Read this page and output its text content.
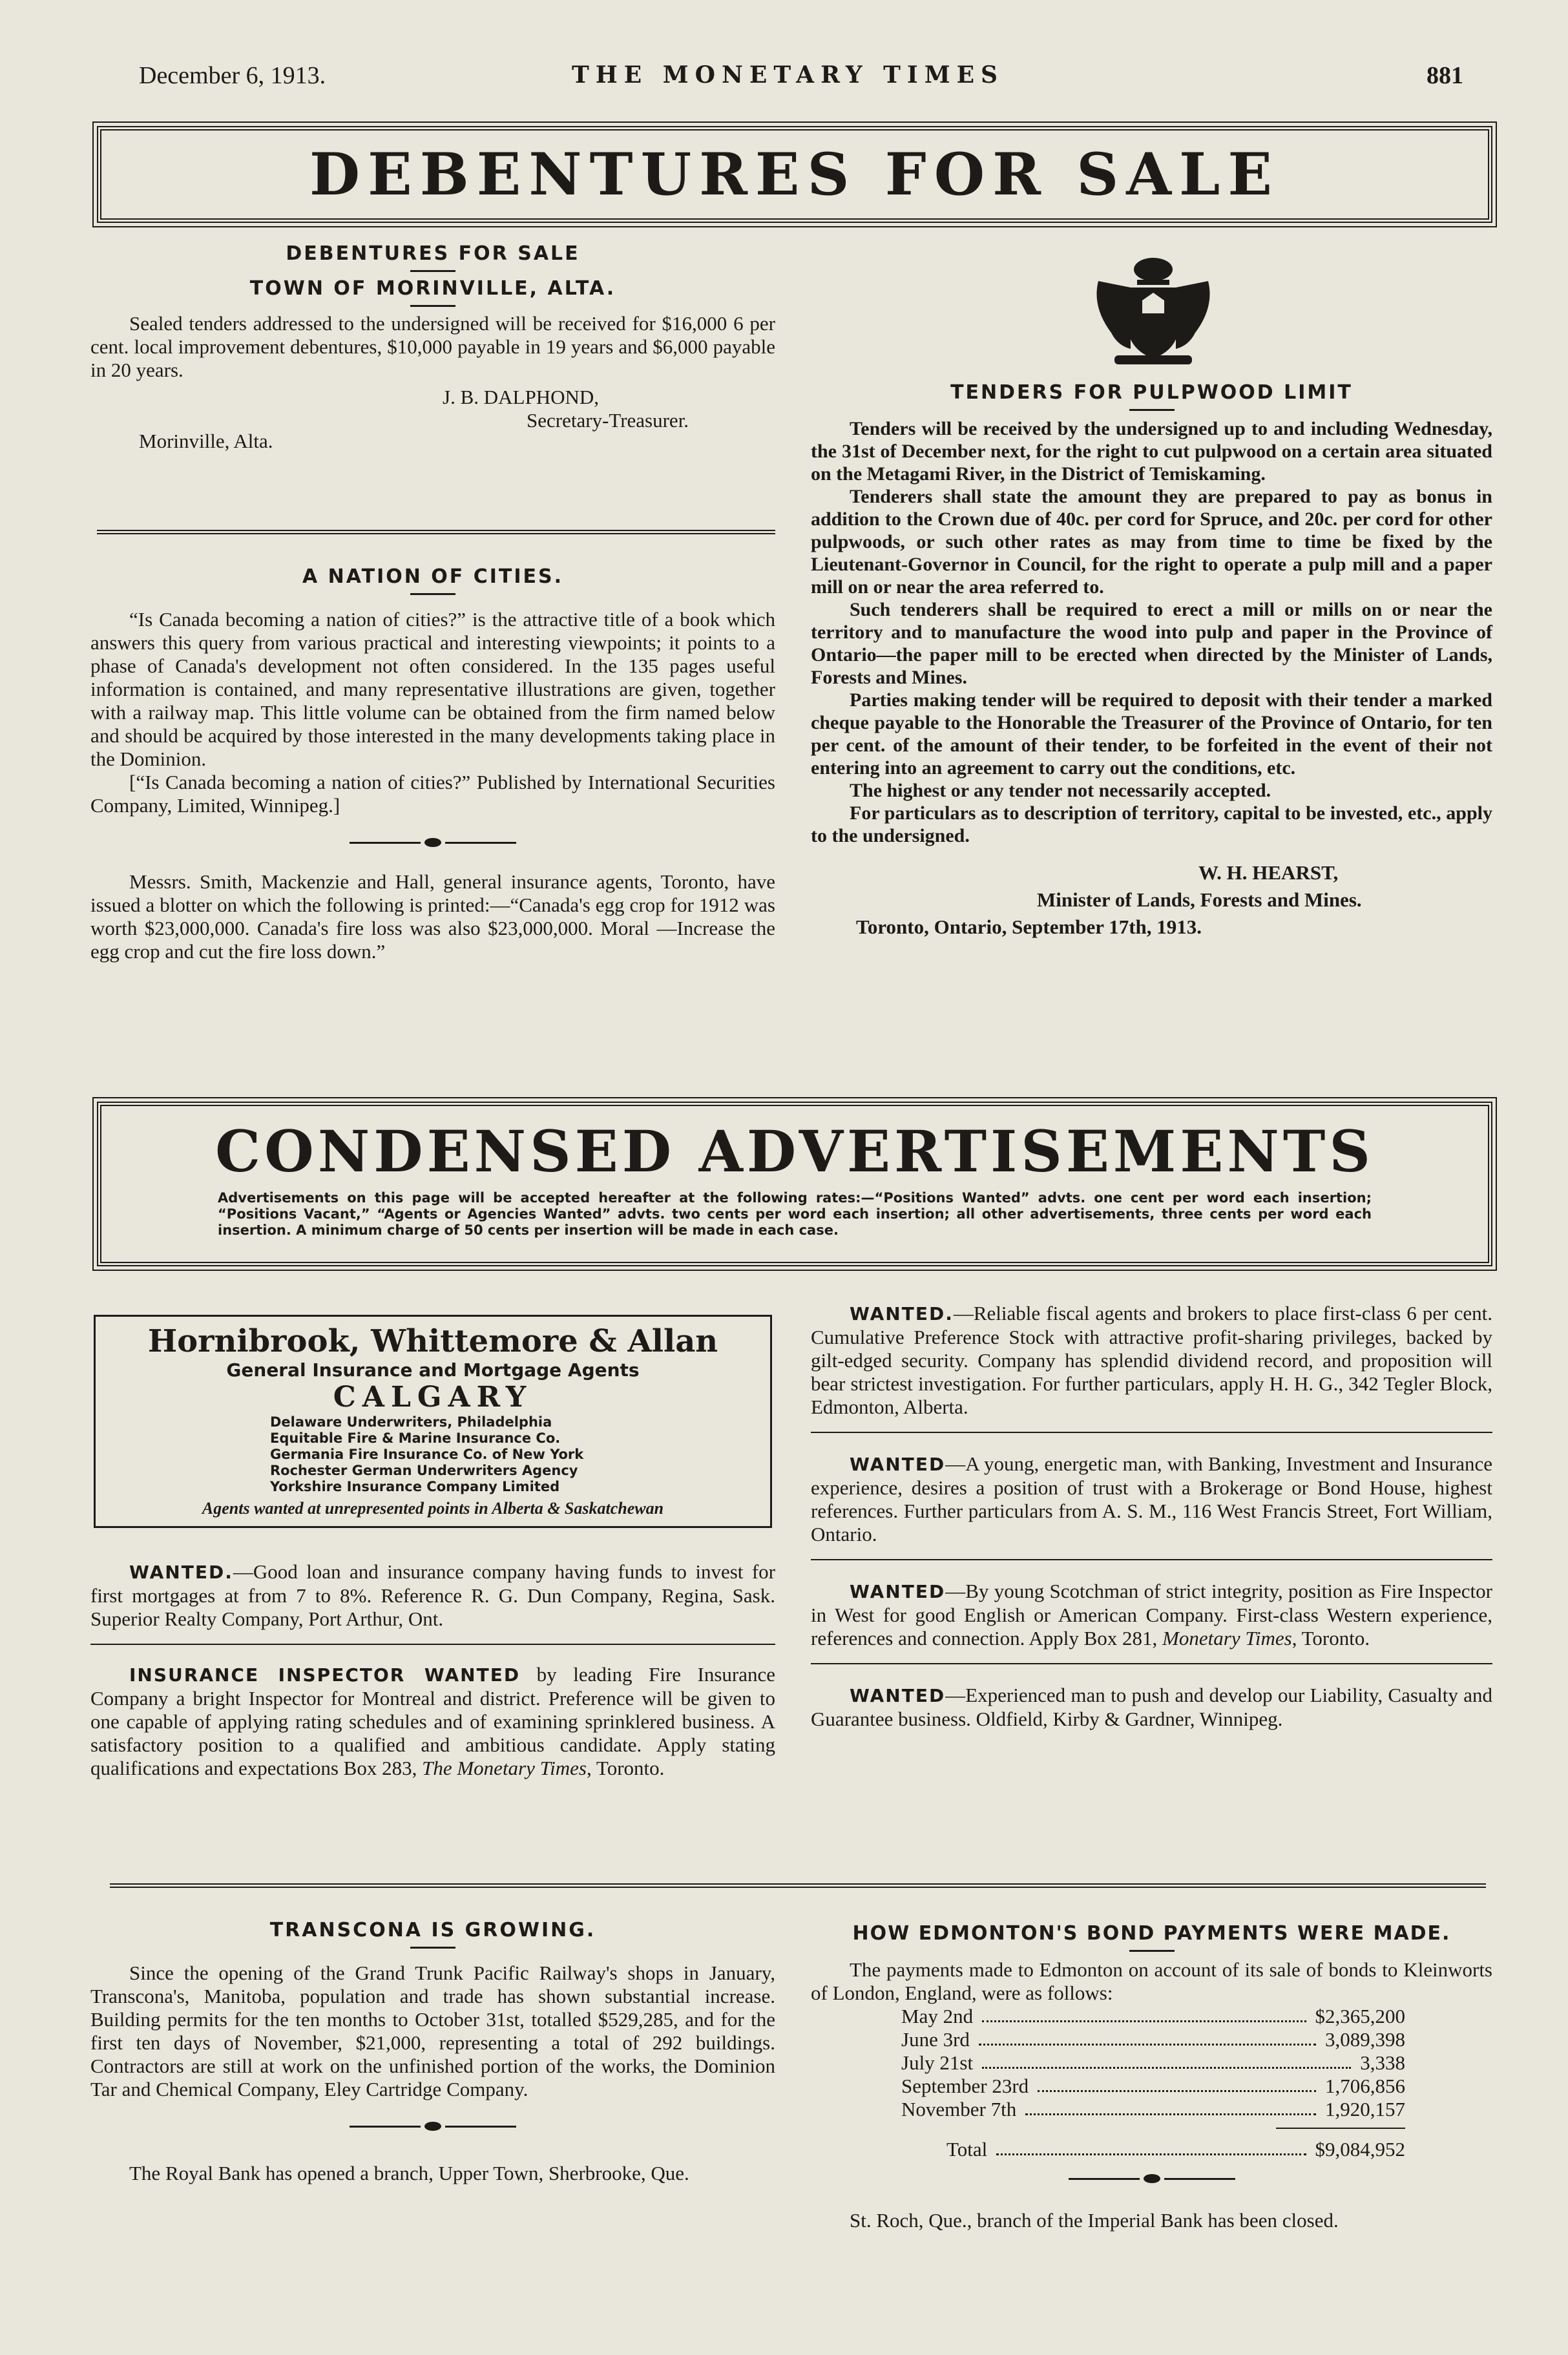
December 6, 1913.	THE MONETARY TIMES	881
DEBENTURES FOR SALE
DEBENTURES FOR SALE
TOWN OF MORINVILLE, ALTA.

Sealed tenders addressed to the undersigned will be received for $16,000 6 per cent. local improvement debentures, $10,000 payable in 19 years and $6,000 payable in 20 years.

J. B. DALPHOND,
Secretary-Treasurer.
Morinville, Alta.
A NATION OF CITIES.

“Is Canada becoming a nation of cities?” is the attractive title of a book which answers this query from various practical and interesting viewpoints; it points to a phase of Canada's development not often considered. In the 135 pages useful information is contained, and many representative illustrations are given, together with a railway map. This little volume can be obtained from the firm named below and should be acquired by those interested in the many developments taking place in the Dominion.

[“Is Canada becoming a nation of cities?” Published by International Securities Company, Limited, Winnipeg.]

Messrs. Smith, Mackenzie and Hall, general insurance agents, Toronto, have issued a blotter on which the following is printed:—“Canada's egg crop for 1912 was worth $23,000,000. Canada's fire loss was also $23,000,000. Moral —Increase the egg crop and cut the fire loss down.”

TENDERS FOR PULPWOOD LIMIT

Tenders will be received by the undersigned up to and including Wednesday, the 31st of December next, for the right to cut pulpwood on a certain area situated on the Metagami River, in the District of Temiskaming.

Tenderers shall state the amount they are prepared to pay as bonus in addition to the Crown due of 40c. per cord for Spruce, and 20c. per cord for other pulpwoods, or such other rates as may from time to time be fixed by the Lieutenant-Governor in Council, for the right to operate a pulp mill and a paper mill on or near the area referred to.

Such tenderers shall be required to erect a mill or mills on or near the territory and to manufacture the wood into pulp and paper in the Province of Ontario—the paper mill to be erected when directed by the Minister of Lands, Forests and Mines.

Parties making tender will be required to deposit with their tender a marked cheque payable to the Honorable the Treasurer of the Province of Ontario, for ten per cent. of the amount of their tender, to be forfeited in the event of their not entering into an agreement to carry out the conditions, etc.

The highest or any tender not necessarily accepted.

For particulars as to description of territory, capital to be invested, etc., apply to the undersigned.

W. H. HEARST,
Minister of Lands, Forests and Mines.
Toronto, Ontario, September 17th, 1913.
CONDENSED ADVERTISEMENTS
Advertisements on this page will be accepted hereafter at the following rates:—“Positions Wanted” advts. one cent per word each insertion; “Positions Vacant,” “Agents or Agencies Wanted” advts. two cents per word each insertion; all other advertisements, three cents per word each insertion. A minimum charge of 50 cents per insertion will be made in each case.
Hornibrook, Whittemore & Allan
General Insurance and Mortgage Agents
CALGARY
Delaware Underwriters, Philadelphia
Equitable Fire & Marine Insurance Co.
Germania Fire Insurance Co. of New York
Rochester German Underwriters Agency
Yorkshire Insurance Company Limited
Agents wanted at unrepresented points in Alberta & Saskatchewan

WANTED.—Good loan and insurance company having funds to invest for first mortgages at from 7 to 8%. Reference R. G. Dun Company, Regina, Sask. Superior Realty Company, Port Arthur, Ont.

INSURANCE INSPECTOR WANTED by leading Fire Insurance Company a bright Inspector for Montreal and district. Preference will be given to one capable of applying rating schedules and of examining sprinklered business. A satisfactory position to a qualified and ambitious candidate. Apply stating qualifications and expectations Box 283, The Monetary Times, Toronto.

WANTED.—Reliable fiscal agents and brokers to place first-class 6 per cent. Cumulative Preference Stock with attractive profit-sharing privileges, backed by gilt-edged security. Company has splendid dividend record, and proposition will bear strictest investigation. For further particulars, apply H. H. G., 342 Tegler Block, Edmonton, Alberta.

WANTED—A young, energetic man, with Banking, Investment and Insurance experience, desires a position of trust with a Brokerage or Bond House, highest references. Further particulars from A. S. M., 116 West Francis Street, Fort William, Ontario.

WANTED—By young Scotchman of strict integrity, position as Fire Inspector in West for good English or American Company. First-class Western experience, references and connection. Apply Box 281, Monetary Times, Toronto.

WANTED—Experienced man to push and develop our Liability, Casualty and Guarantee business. Oldfield, Kirby & Gardner, Winnipeg.

TRANSCONA IS GROWING.

Since the opening of the Grand Trunk Pacific Railway's shops in January, Transcona's, Manitoba, population and trade has shown substantial increase. Building permits for the ten months to October 31st, totalled $529,285, and for the first ten days of November, $21,000, representing a total of 292 buildings. Contractors are still at work on the unfinished portion of the works, the Dominion Tar and Chemical Company, Eley Cartridge Company.

The Royal Bank has opened a branch, Upper Town, Sherbrooke, Que.

HOW EDMONTON'S BOND PAYMENTS WERE MADE.

The payments made to Edmonton on account of its sale of bonds to Kleinworts of London, England, were as follows:

May 2nd	$2,365,200
June 3rd	3,089,398
July 21st	3,338
September 23rd	1,706,856
November 7th	1,920,157
Total	$9,084,952

St. Roch, Que., branch of the Imperial Bank has been closed.
